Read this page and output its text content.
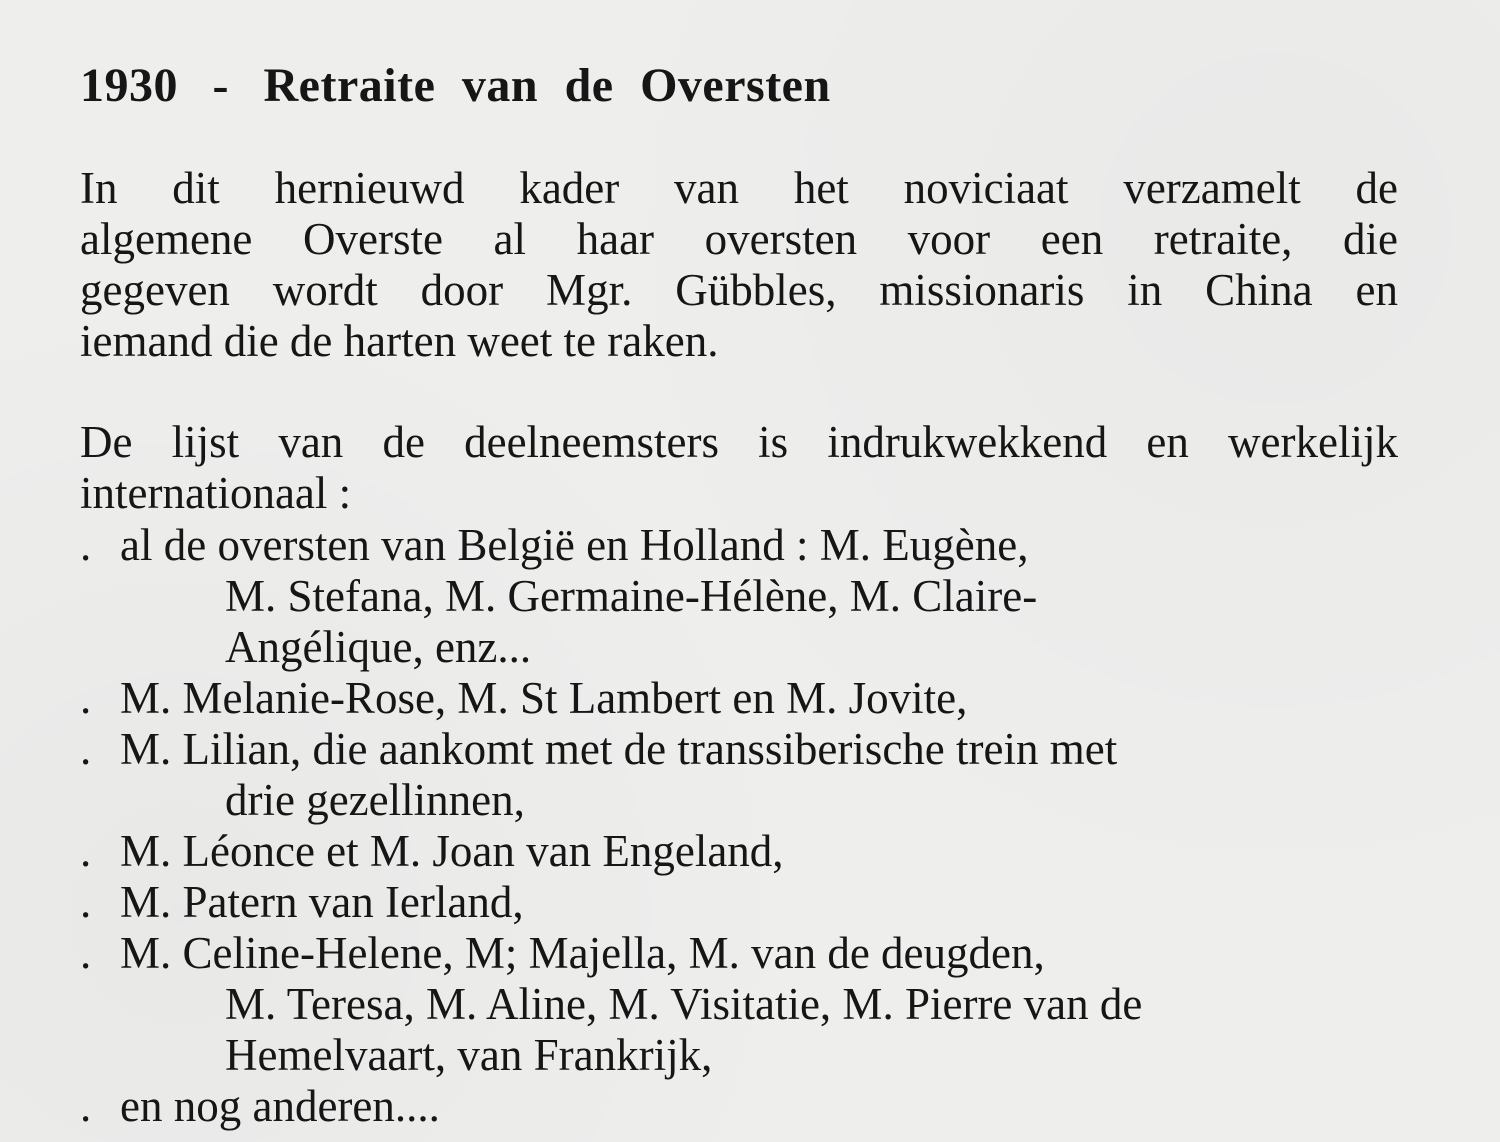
1930 - Retraite van de Oversten

In dit hernieuwd kader van het noviciaat verzamelt de
algemene Overste al haar oversten voor een retraite, die
gegeven wordt door Mgr. Gübbles, missionaris in China en
iemand die de harten weet te raken.

De lijst van de deelneemsters is indrukwekkend en werkelijk
internationaal :

. al de oversten van België en Holland : M. Eugène,
M. Stefana, M. Germaine-Hélène, M. Claire-
Angélique, enz...
. M. Melanie-Rose, M. St Lambert en M. Jovite,
. M. Lilian, die aankomt met de transsiberische trein met
drie gezellinnen,
. M. Léonce et M. Joan van Engeland,
. M. Patern van Ierland,
. M. Celine-Helene, M; Majella, M. van de deugden,
M. Teresa, M. Aline, M. Visitatie, M. Pierre van de
Hemelvaart, van Frankrijk,
. en nog anderen....
